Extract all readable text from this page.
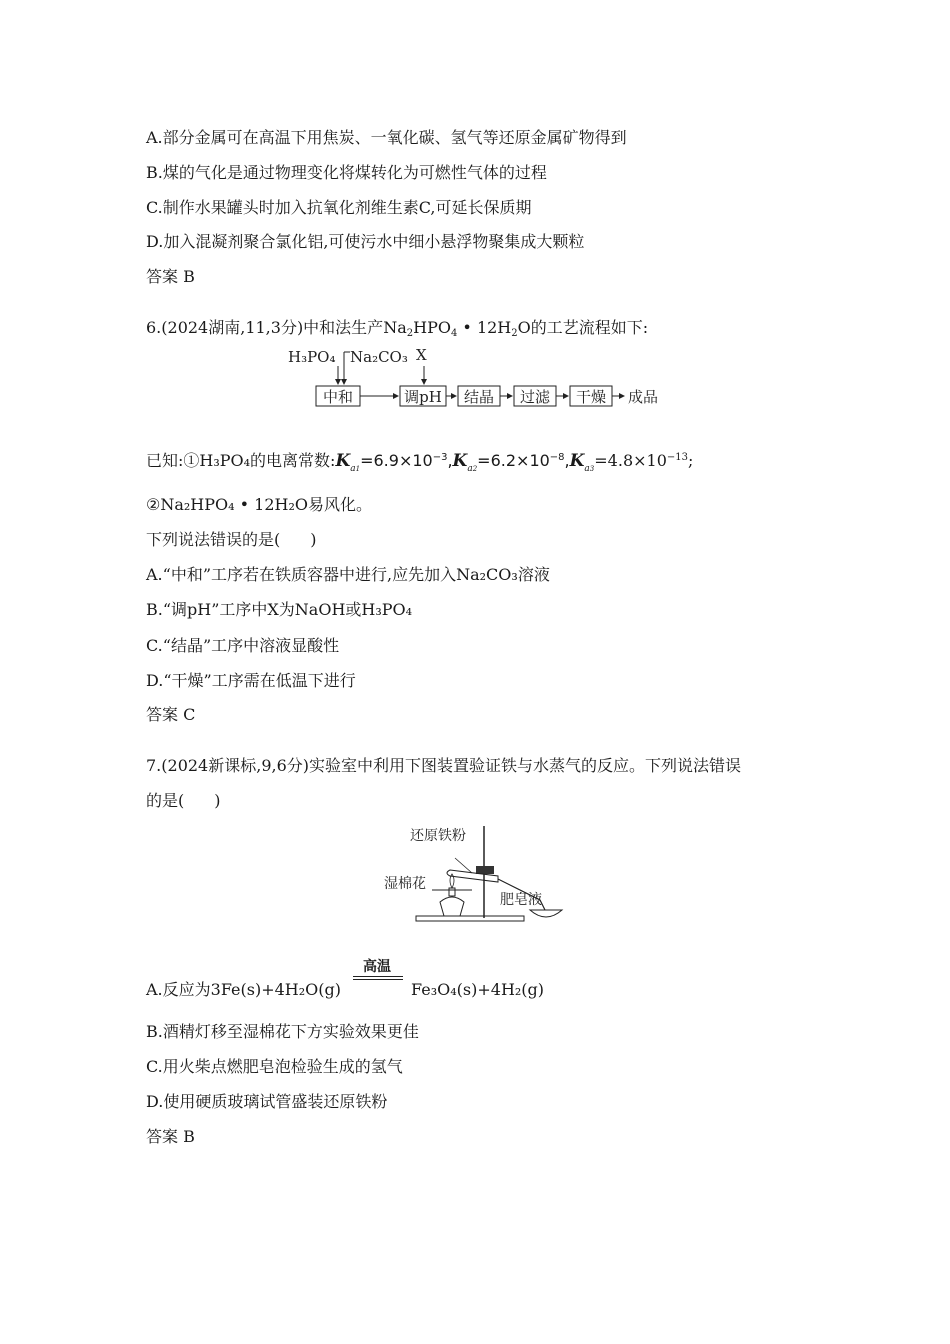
A.部分金属可在高温下用焦炭、一氧化碳、氢气等还原金属矿物得到
B.煤的气化是通过物理变化将煤转化为可燃性气体的过程
C.制作水果罐头时加入抗氧化剂维生素C,可延长保质期
D.加入混凝剂聚合氯化铝,可使污水中细小悬浮物聚集成大颗粒
答案 B
6.(2024湖南,11,3分)中和法生产$Na_2HPO_4$ • $12H_2O$的工艺流程如下:
H₃PO₄ Na₂CO₃ X
中和	调pH 结晶 过滤 干燥 成品
已知:①H₃PO₄的电离常数$:K_{a1}=6.9\times 10^{-3},K_{a2}=6.2\times 10^{-8},K_{a3}=4.8\times 10^{-13}$;
②Na₂HPO₄ • 12H₂O易风化。
下列说法错误的是( )
A.“中和”工序若在铁质容器中进行,应先加入Na₂CO₃溶液
B.“调pH”工序中X为NaOH或H₃PO₄
C.“结晶”工序中溶液显酸性
D.“干燥”工序需在低温下进行
答案 C
7.(2024新课标,9,6分)实验室中利用下图装置验证铁与水蒸气的反应。下列说法错误
的是( )
还原铁粉
湿棉花
肥皂液
A.反应为3Fe(s)+4H₂O(g)
高温
Fe₃O₄(s)+4H₂(g)
B.酒精灯移至湿棉花下方实验效果更佳
C.用火柴点燃肥皂泡检验生成的氢气
D.使用硬质玻璃试管盛装还原铁粉
答案 B
